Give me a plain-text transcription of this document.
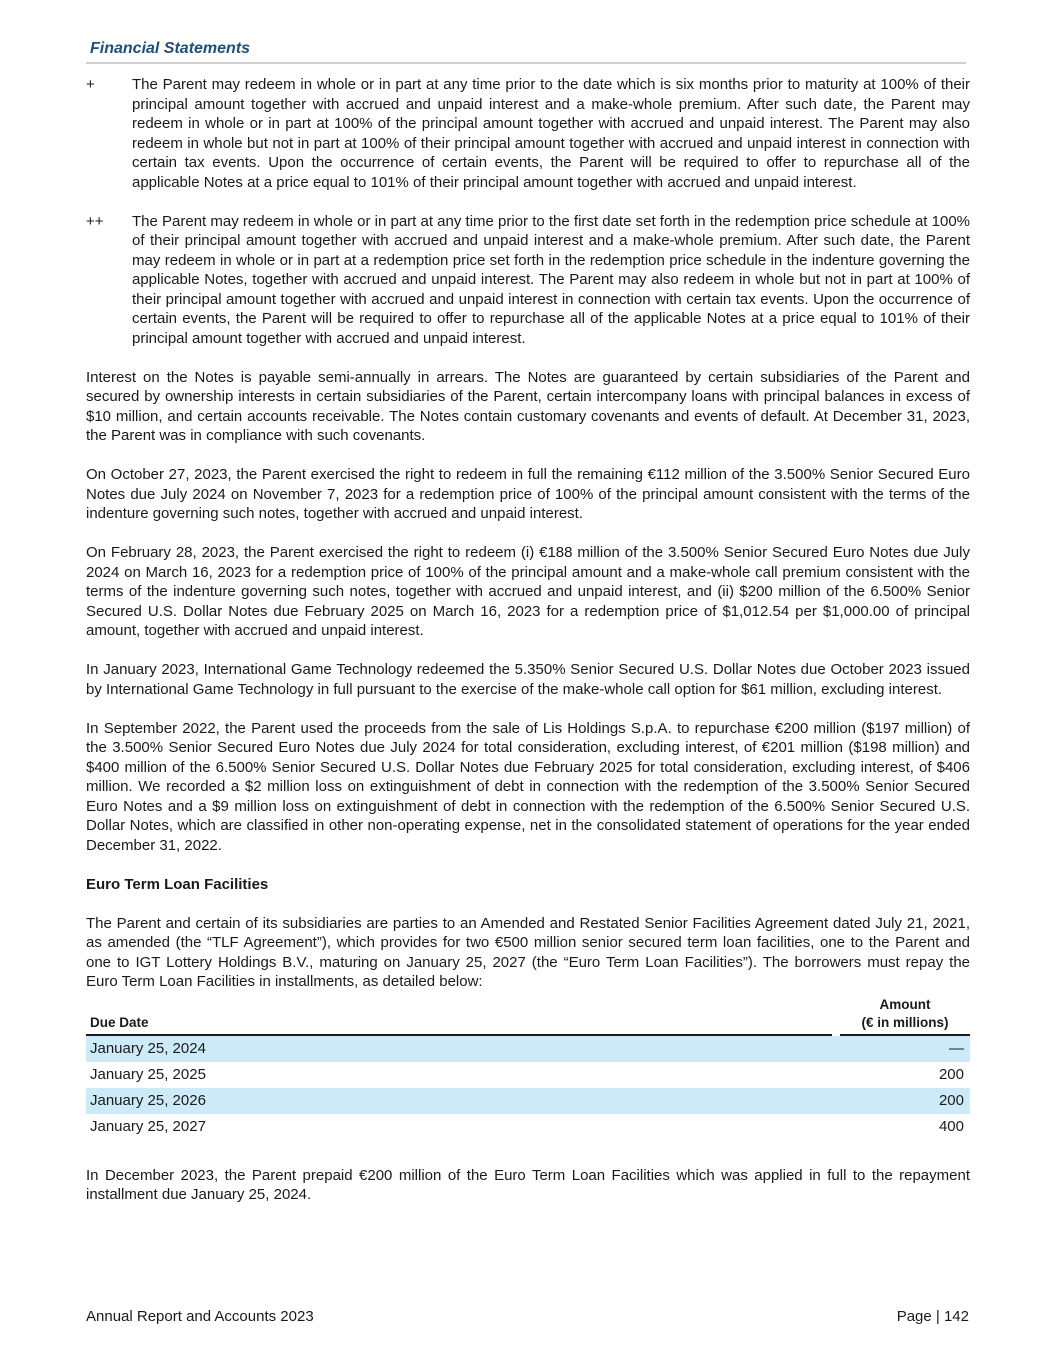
Financial Statements
+	The Parent may redeem in whole or in part at any time prior to the date which is six months prior to maturity at 100% of their principal amount together with accrued and unpaid interest and a make-whole premium. After such date, the Parent may redeem in whole or in part at 100% of the principal amount together with accrued and unpaid interest. The Parent may also redeem in whole but not in part at 100% of their principal amount together with accrued and unpaid interest in connection with certain tax events. Upon the occurrence of certain events, the Parent will be required to offer to repurchase all of the applicable Notes at a price equal to 101% of their principal amount together with accrued and unpaid interest.
++	The Parent may redeem in whole or in part at any time prior to the first date set forth in the redemption price schedule at 100% of their principal amount together with accrued and unpaid interest and a make-whole premium. After such date, the Parent may redeem in whole or in part at a redemption price set forth in the redemption price schedule in the indenture governing the applicable Notes, together with accrued and unpaid interest. The Parent may also redeem in whole but not in part at 100% of their principal amount together with accrued and unpaid interest in connection with certain tax events. Upon the occurrence of certain events, the Parent will be required to offer to repurchase all of the applicable Notes at a price equal to 101% of their principal amount together with accrued and unpaid interest.

Interest on the Notes is payable semi-annually in arrears. The Notes are guaranteed by certain subsidiaries of the Parent and secured by ownership interests in certain subsidiaries of the Parent, certain intercompany loans with principal balances in excess of $10 million, and certain accounts receivable. The Notes contain customary covenants and events of default. At December 31, 2023, the Parent was in compliance with such covenants.

On October 27, 2023, the Parent exercised the right to redeem in full the remaining €112 million of the 3.500% Senior Secured Euro Notes due July 2024 on November 7, 2023 for a redemption price of 100% of the principal amount consistent with the terms of the indenture governing such notes, together with accrued and unpaid interest.

On February 28, 2023, the Parent exercised the right to redeem (i) €188 million of the 3.500% Senior Secured Euro Notes due July 2024 on March 16, 2023 for a redemption price of 100% of the principal amount and a make-whole call premium consistent with the terms of the indenture governing such notes, together with accrued and unpaid interest, and (ii) $200 million of the 6.500% Senior Secured U.S. Dollar Notes due February 2025 on March 16, 2023 for a redemption price of $1,012.54 per $1,000.00 of principal amount, together with accrued and unpaid interest.

In January 2023, International Game Technology redeemed the 5.350% Senior Secured U.S. Dollar Notes due October 2023 issued by International Game Technology in full pursuant to the exercise of the make-whole call option for $61 million, excluding interest.

In September 2022, the Parent used the proceeds from the sale of Lis Holdings S.p.A. to repurchase €200 million ($197 million) of the 3.500% Senior Secured Euro Notes due July 2024 for total consideration, excluding interest, of €201 million ($198 million) and $400 million of the 6.500% Senior Secured U.S. Dollar Notes due February 2025 for total consideration, excluding interest, of $406 million. We recorded a $2 million loss on extinguishment of debt in connection with the redemption of the 3.500% Senior Secured Euro Notes and a $9 million loss on extinguishment of debt in connection with the redemption of the 6.500% Senior Secured U.S. Dollar Notes, which are classified in other non-operating expense, net in the consolidated statement of operations for the year ended December 31, 2022.

Euro Term Loan Facilities

The Parent and certain of its subsidiaries are parties to an Amended and Restated Senior Facilities Agreement dated July 21, 2021, as amended (the “TLF Agreement”), which provides for two €500 million senior secured term loan facilities, one to the Parent and one to IGT Lottery Holdings B.V., maturing on January 25, 2027 (the “Euro Term Loan Facilities”). The borrowers must repay the Euro Term Loan Facilities in installments, as detailed below:

Due Date		Amount
(€ in millions)

January 25, 2024		—
January 25, 2025		200
January 25, 2026		200
January 25, 2027		400

In December 2023, the Parent prepaid €200 million of the Euro Term Loan Facilities which was applied in full to the repayment installment due January 25, 2024.

Annual Report and Accounts 2023	Page | 142
